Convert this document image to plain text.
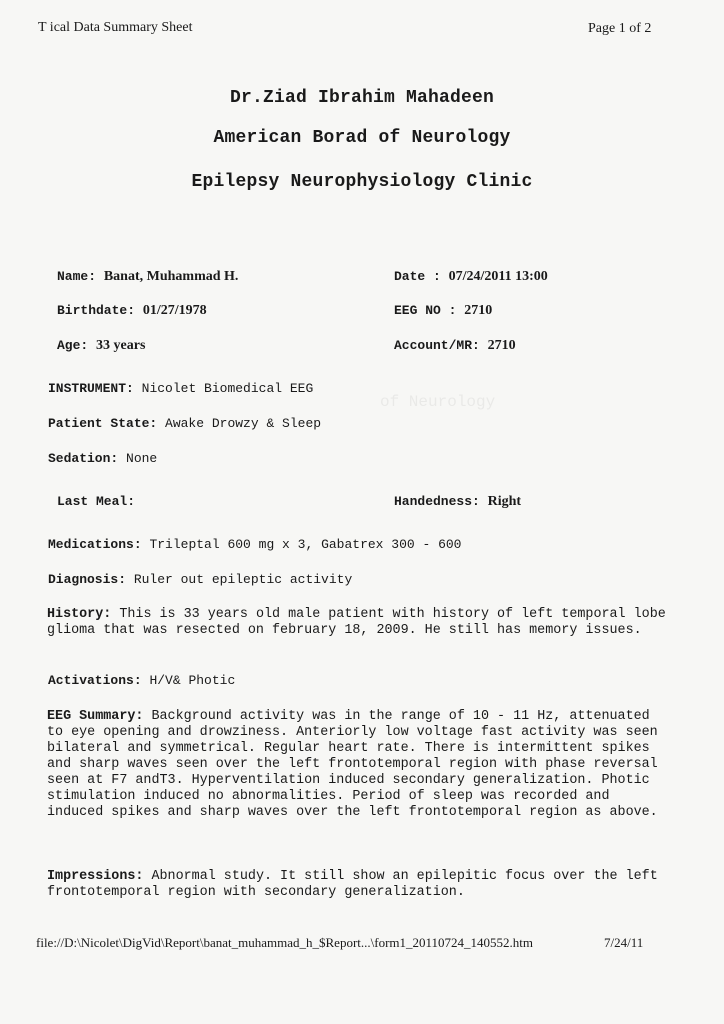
of Neurology
T ical Data Summary Sheet	Page 1 of 2
Dr.Ziad Ibrahim Mahadeen
American Borad of Neurology
Epilepsy Neurophysiology Clinic
Name: Banat, Muhammad H.	Date : 07/24/2011 13:00
Birthdate: 01/27/1978	EEG NO : 2710
Age: 33 years	Account/MR: 2710
INSTRUMENT: Nicolet Biomedical EEG
Patient State: Awake Drowzy & Sleep
Sedation: None
Last Meal:	Handedness: Right
Medications: Trileptal 600 mg x 3, Gabatrex 300 - 600
Diagnosis: Ruler out epileptic activity
History: This is 33 years old male patient with history of left temporal lobe glioma that was resected on february 18, 2009. He still has memory issues.
Activations: H/V& Photic
EEG Summary: Background activity was in the range of 10 - 11 Hz, attenuated to eye opening and drowziness. Anteriorly low voltage fast activity was seen bilateral and symmetrical. Regular heart rate. There is intermittent spikes and sharp waves seen over the left frontotemporal region with phase reversal seen at F7 andT3. Hyperventilation induced secondary generalization. Photic stimulation induced no abnormalities. Period of sleep was recorded and induced spikes and sharp waves over the left frontotemporal region as above.
Impressions: Abnormal study. It still show an epilepitic focus over the left frontotemporal region with secondary generalization.
file://D:\Nicolet\DigVid\Report\banat_muhammad_h_$Report...\form1_20110724_140552.htm	7/24/11
